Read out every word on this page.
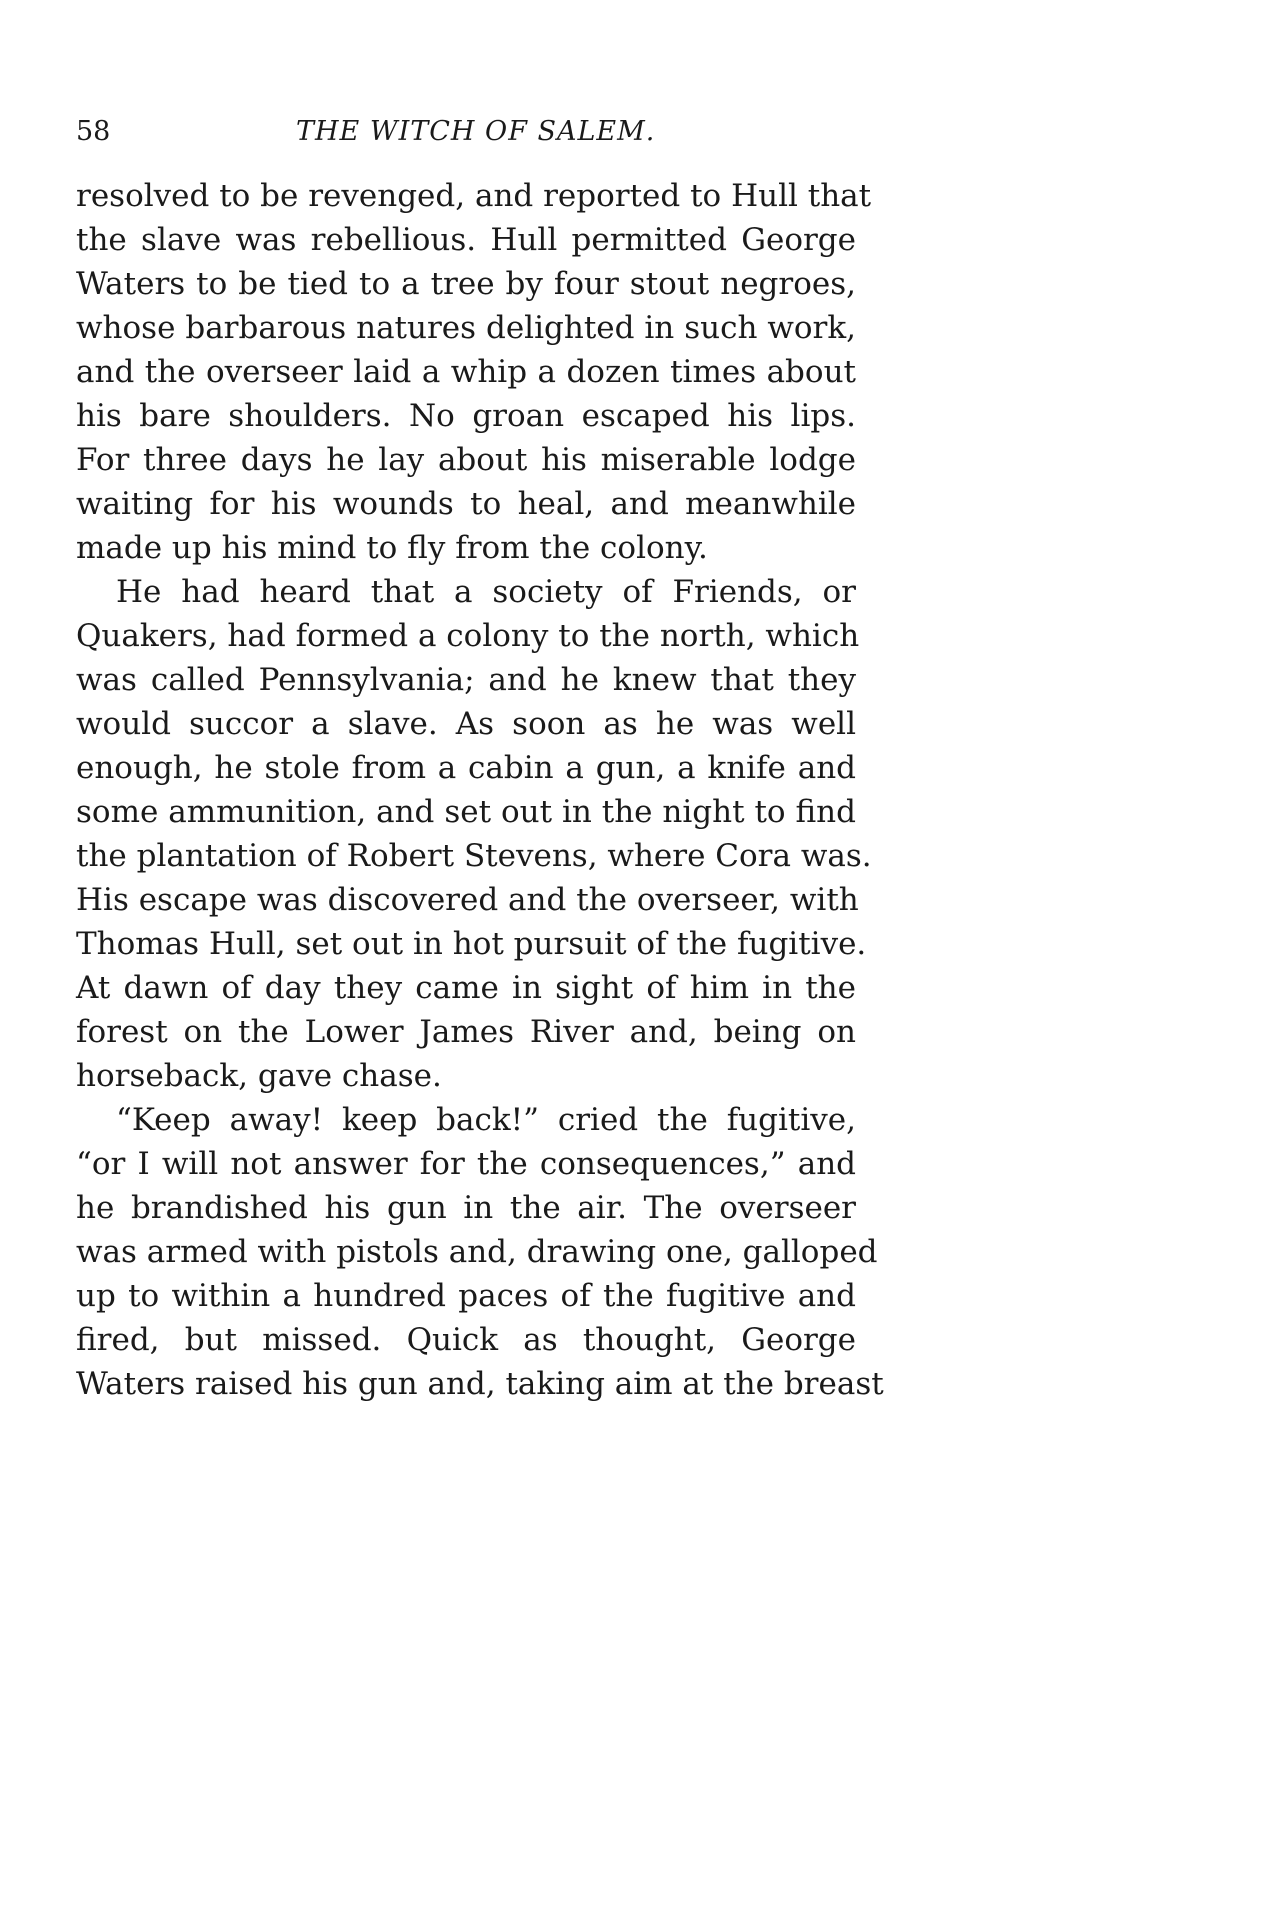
58	THE WITCH OF SALEM.
resolved to be revenged, and reported to Hull that
the slave was rebellious. Hull permitted George
Waters to be tied to a tree by four stout negroes,
whose barbarous natures delighted in such work,
and the overseer laid a whip a dozen times about
his bare shoulders. No groan escaped his lips.
For three days he lay about his miserable lodge
waiting for his wounds to heal, and meanwhile
made up his mind to fly from the colony.
He had heard that a society of Friends, or
Quakers, had formed a colony to the north, which
was called Pennsylvania; and he knew that they
would succor a slave. As soon as he was well
enough, he stole from a cabin a gun, a knife and
some ammunition, and set out in the night to find
the plantation of Robert Stevens, where Cora was.
His escape was discovered and the overseer, with
Thomas Hull, set out in hot pursuit of the fugitive.
At dawn of day they came in sight of him in the
forest on the Lower James River and, being on
horseback, gave chase.
“Keep away! keep back!” cried the fugitive,
“or I will not answer for the consequences,” and
he brandished his gun in the air. The overseer
was armed with pistols and, drawing one, galloped
up to within a hundred paces of the fugitive and
fired, but missed. Quick as thought, George
Waters raised his gun and, taking aim at the breast
